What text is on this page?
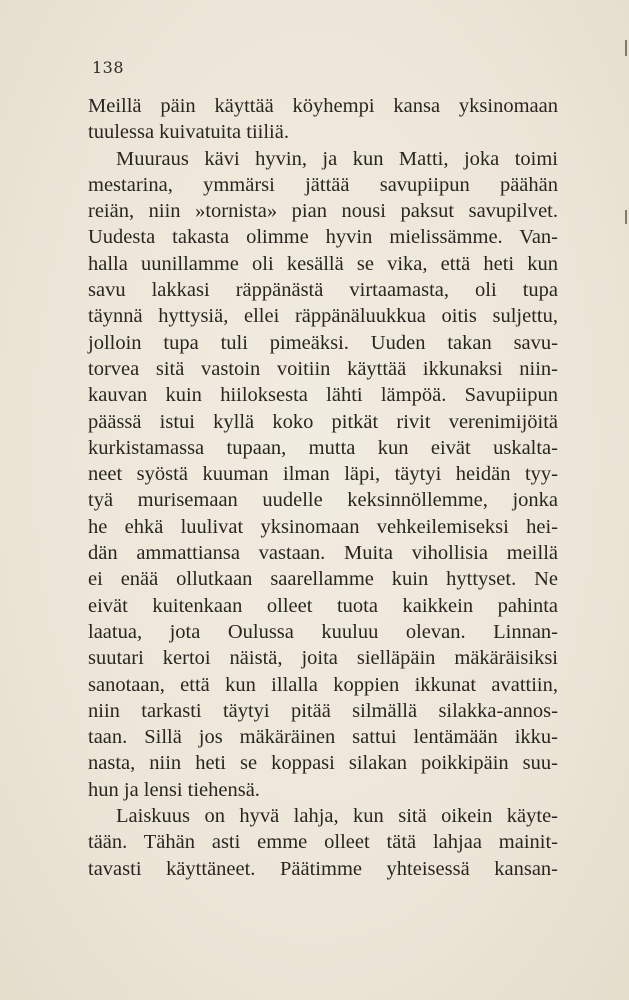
138
Meillä päin käyttää köyhempi kansa yksinomaan
tuulessa kuivatuita tiiliä.
Muuraus kävi hyvin, ja kun Matti, joka toimi
mestarina, ymmärsi jättää savupiipun päähän
reiän, niin »tornista» pian nousi paksut savupilvet.
Uudesta takasta olimme hyvin mielissämme. Van-
halla uunillamme oli kesällä se vika, että heti kun
savu lakkasi räppänästä virtaamasta, oli tupa
täynnä hyttysiä, ellei räppänäluukkua oitis suljettu,
jolloin tupa tuli pimeäksi. Uuden takan savu-
torvea sitä vastoin voitiin käyttää ikkunaksi niin-
kauvan kuin hiiloksesta lähti lämpöä. Savupiipun
päässä istui kyllä koko pitkät rivit verenimijöitä
kurkistamassa tupaan, mutta kun eivät uskalta-
neet syöstä kuuman ilman läpi, täytyi heidän tyy-
tyä murisemaan uudelle keksinnöllemme, jonka
he ehkä luulivat yksinomaan vehkeilemiseksi hei-
dän ammattiansa vastaan. Muita vihollisia meillä
ei enää ollutkaan saarellamme kuin hyttyset. Ne
eivät kuitenkaan olleet tuota kaikkein pahinta
laatua, jota Oulussa kuuluu olevan. Linnan-
suutari kertoi näistä, joita sielläpäin mäkäräisiksi
sanotaan, että kun illalla koppien ikkunat avattiin,
niin tarkasti täytyi pitää silmällä silakka-annos-
taan. Sillä jos mäkäräinen sattui lentämään ikku-
nasta, niin heti se koppasi silakan poikkipäin suu-
hun ja lensi tiehensä.
Laiskuus on hyvä lahja, kun sitä oikein käyte-
tään. Tähän asti emme olleet tätä lahjaa mainit-
tavasti käyttäneet. Päätimme yhteisessä kansan-
